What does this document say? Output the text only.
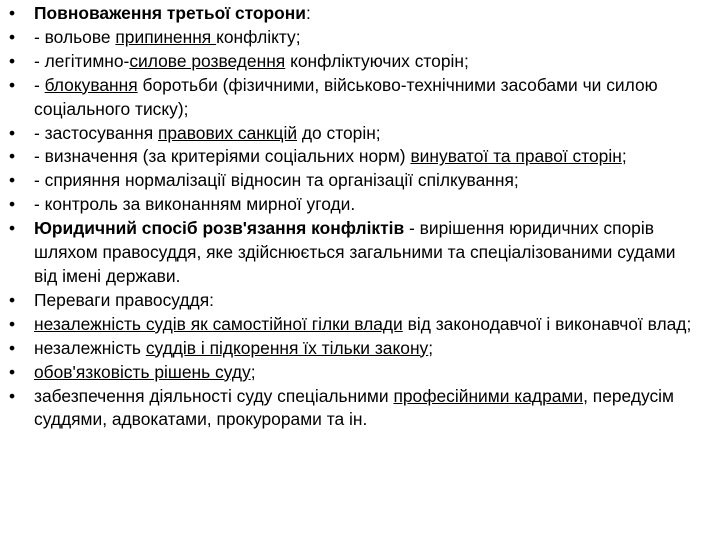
• Повноваження третьої сторони:
• - вольове припинення конфлікту;
• - легітимно-силове розведення конфліктуючих сторін;
• - блокування боротьби (фізичними, військово-технічними засобами чи силою соціального тиску);
• - застосування правових санкцій до сторін;
• - визначення (за критеріями соціальних норм) винуватої та правої сторін;
• - сприяння нормалізації відносин та організації спілкування;
• - контроль за виконанням мирної угоди.
• Юридичний спосіб розв'язання конфліктів - вирішення юридичних спорів шляхом правосуддя, яке здійснюється загальними та спеціалізованими судами від імені держави.
• Переваги правосуддя:
• незалежність судів як самостійної гілки влади від законодавчої і виконавчої влад;
• незалежність суддів і підкорення їх тільки закону;
• обов'язковість рішень суду;
• забезпечення діяльності суду спеціальними професійними кадрами, передусім суддями, адвокатами, прокурорами та ін.
